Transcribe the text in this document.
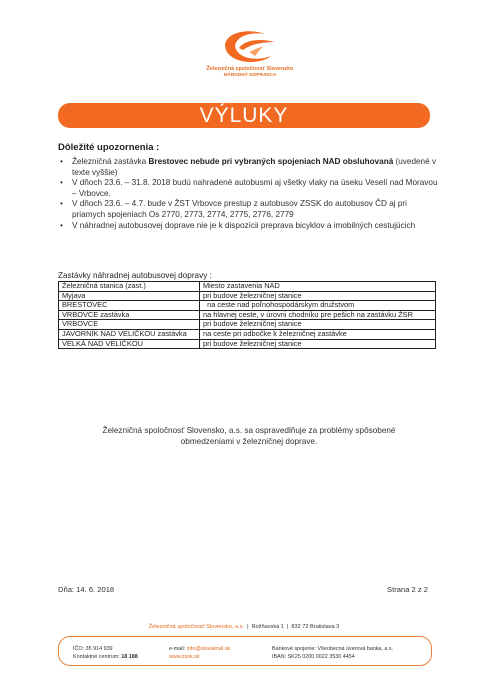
Železničná spoločnosť Slovensko
NÁRODNÝ DOPRAVCA
VÝLUKY
Dôležité upozornenia :
• Železničná zastávka Brestovec nebude pri vybraných spojeniach NAD obsluhovaná (uvedené v texte vyššie)
• V dňoch 23.6. – 31.8. 2018 budú nahradené autobusmi aj všetky vlaky na úseku Veselí nad Moravou – Vrbovce.
• V dňoch 23.6. – 4.7. bude v ŽST Vrbovce prestup z autobusov ZSSK do autobusov ČD aj pri priamych spojeniach Os 2770, 2773, 2774, 2775, 2776, 2779
• V náhradnej autobusovej doprave nie je k dispozícii preprava bicyklov a imobilných cestujúcich
Zastávky náhradnej autobusovej dopravy :
Železničná stanica (zast.)	Miesto zastavenia NAD
Myjava	pri budove železničnej stanice
BRESTOVEC	na ceste nad poľnohospodárskym družstvom
VRBOVCE zastávka	na hlavnej ceste, v úrovni chodníku pre pešich na zastávku ŽSR
VRBOVCE	pri budove železničnej stanice
JAVORNÍK NAD VELIČKOU zastávka	na ceste pri odbočke k železničnej zastávke
VELKÁ NAD VELIČKOU	pri budove železničnej stanice
Železničná spoločnosť Slovensko, a.s. sa ospravedlňuje za problémy spôsobené obmedzeniami v železničnej doprave.
Dňa: 14. 6. 2018	Strana 2 z 2
Železničná spoločnosť Slovensko, a.s. | Rožňavská 1 | 832 72 Bratislava 3
IČO: 35 914 939
Kontaktné centrum: 18 188
e-mail: info@slovakrail.sk
www.zssk.sk
Bankové spojenie: Všeobecná úverová banka, a.s.
IBAN: SK25 0200 0022 3530 4454
